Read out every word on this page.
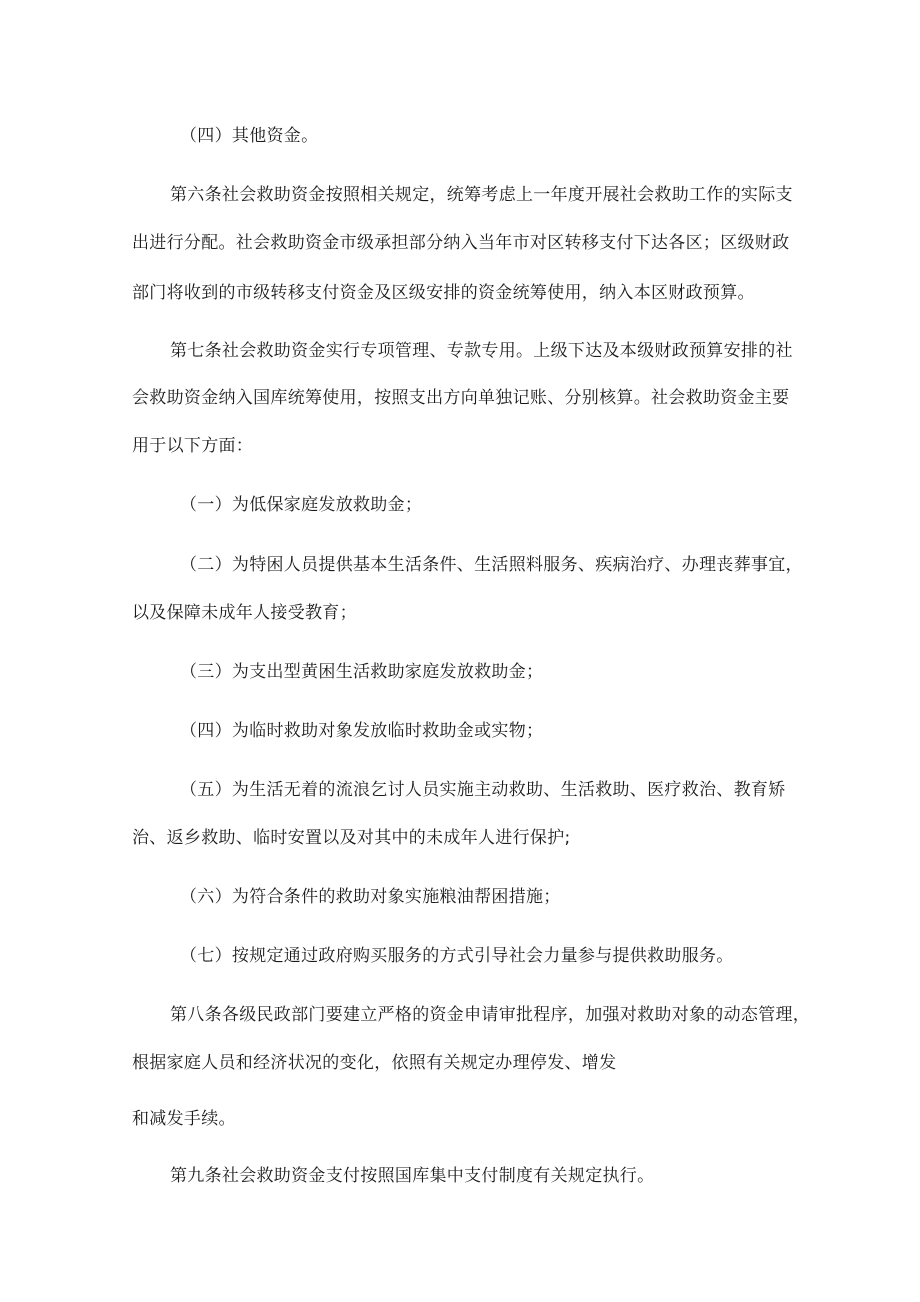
（四）其他资金。

第六条社会救助资金按照相关规定，统筹考虑上一年度开展社会救助工作的实际支

出进行分配。社会救助资金市级承担部分纳入当年市对区转移支付下达各区；区级财政

部门将收到的市级转移支付资金及区级安排的资金统筹使用，纳入本区财政预算。

第七条社会救助资金实行专项管理、专款专用。上级下达及本级财政预算安排的社

会救助资金纳入国库统筹使用，按照支出方向单独记账、分别核算。社会救助资金主要

用于以下方面：

（一）为低保家庭发放救助金；

（二）为特困人员提供基本生活条件、生活照料服务、疾病治疗、办理丧葬事宜，

以及保障未成年人接受教育；

（三）为支出型黄困生活救助家庭发放救助金；

（四）为临时救助对象发放临时救助金或实物；

（五）为生活无着的流浪乞讨人员实施主动救助、生活救助、医疗救治、教育矫

治、返乡救助、临时安置以及对其中的未成年人进行保护;

（六）为符合条件的救助对象实施粮油帮困措施；

（七）按规定通过政府购买服务的方式引导社会力量参与提供救助服务。

第八条各级民政部门要建立严格的资金申请审批程序，加强对救助对象的动态管理，

根据家庭人员和经济状况的变化，依照有关规定办理停发、增发

和减发手续。

第九条社会救助资金支付按照国库集中支付制度有关规定执行。
